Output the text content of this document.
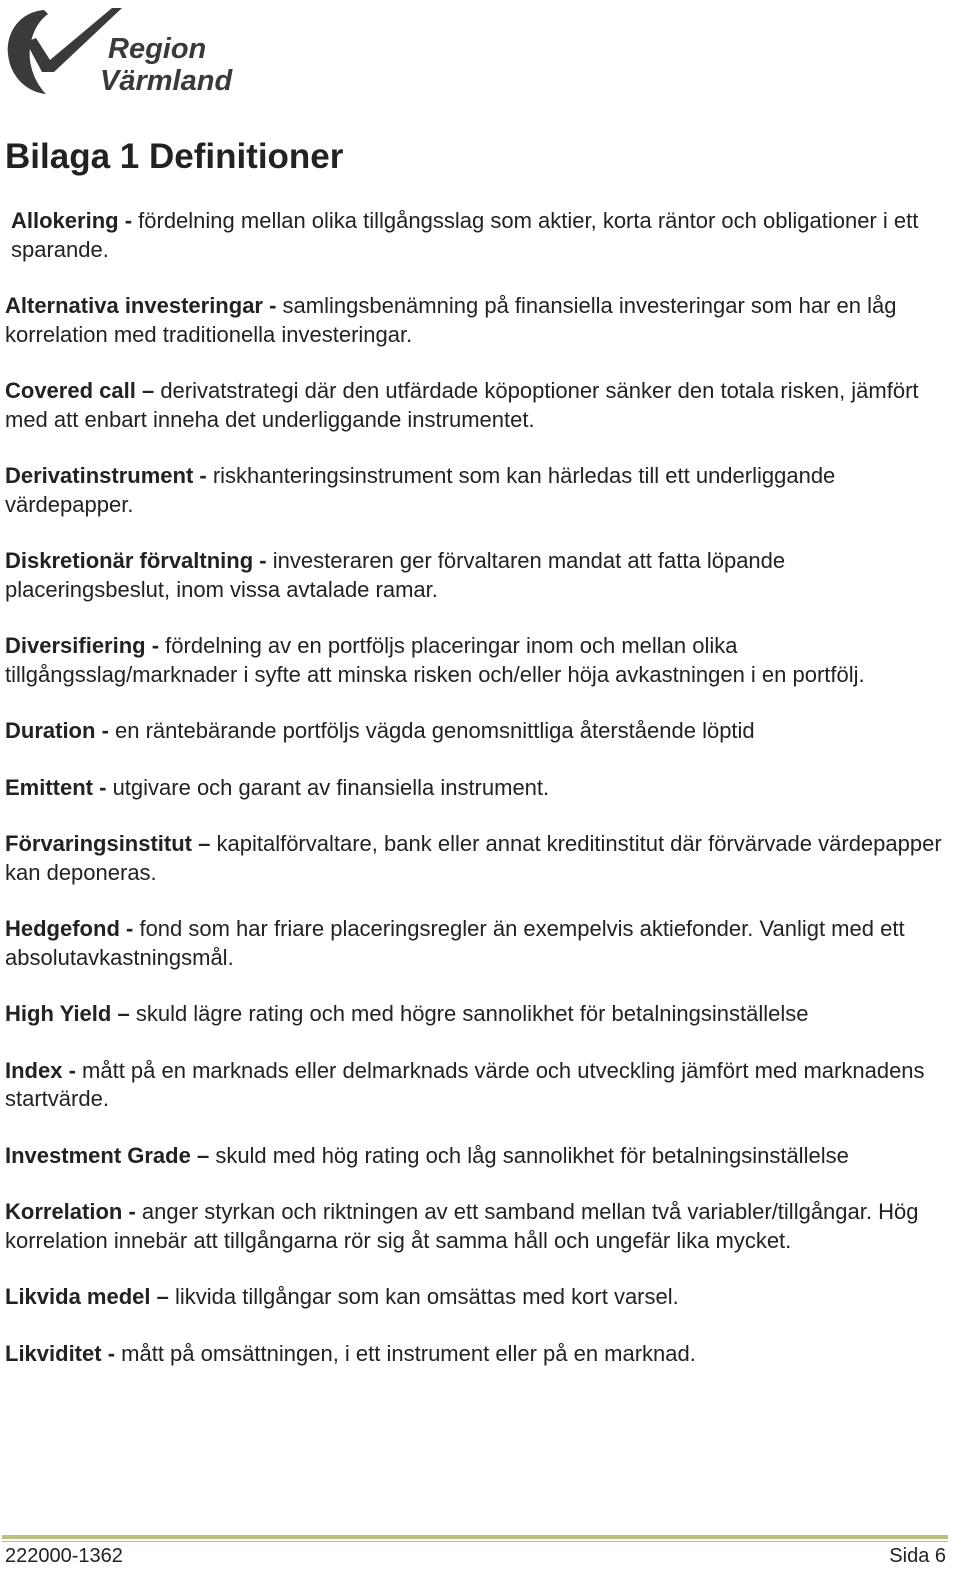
Region
Värmland
Bilaga 1 Definitioner

Allokering - fördelning mellan olika tillgångsslag som aktier, korta räntor och obligationer i ett sparande.

Alternativa investeringar - samlingsbenämning på finansiella investeringar som har en låg korrelation med traditionella investeringar.

Covered call – derivatstrategi där den utfärdade köpoptioner sänker den totala risken, jämfört med att enbart inneha det underliggande instrumentet.

Derivatinstrument - riskhanteringsinstrument som kan härledas till ett underliggande värdepapper.

Diskretionär förvaltning - investeraren ger förvaltaren mandat att fatta löpande placeringsbeslut, inom vissa avtalade ramar.

Diversifiering - fördelning av en portföljs placeringar inom och mellan olika tillgångsslag/marknader i syfte att minska risken och/eller höja avkastningen i en portfölj.

Duration - en räntebärande portföljs vägda genomsnittliga återstående löptid

Emittent - utgivare och garant av finansiella instrument.

Förvaringsinstitut – kapitalförvaltare, bank eller annat kreditinstitut där förvärvade värdepapper kan deponeras.

Hedgefond - fond som har friare placeringsregler än exempelvis aktiefonder. Vanligt med ett absolutavkastningsmål.

High Yield – skuld lägre rating och med högre sannolikhet för betalningsinställelse

Index - mått på en marknads eller delmarknads värde och utveckling jämfört med marknadens startvärde.

Investment Grade – skuld med hög rating och låg sannolikhet för betalningsinställelse

Korrelation - anger styrkan och riktningen av ett samband mellan två variabler/tillgångar. Hög korrelation innebär att tillgångarna rör sig åt samma håll och ungefär lika mycket.

Likvida medel – likvida tillgångar som kan omsättas med kort varsel.

Likviditet - mått på omsättningen, i ett instrument eller på en marknad.

222000-1362	Sida 6
